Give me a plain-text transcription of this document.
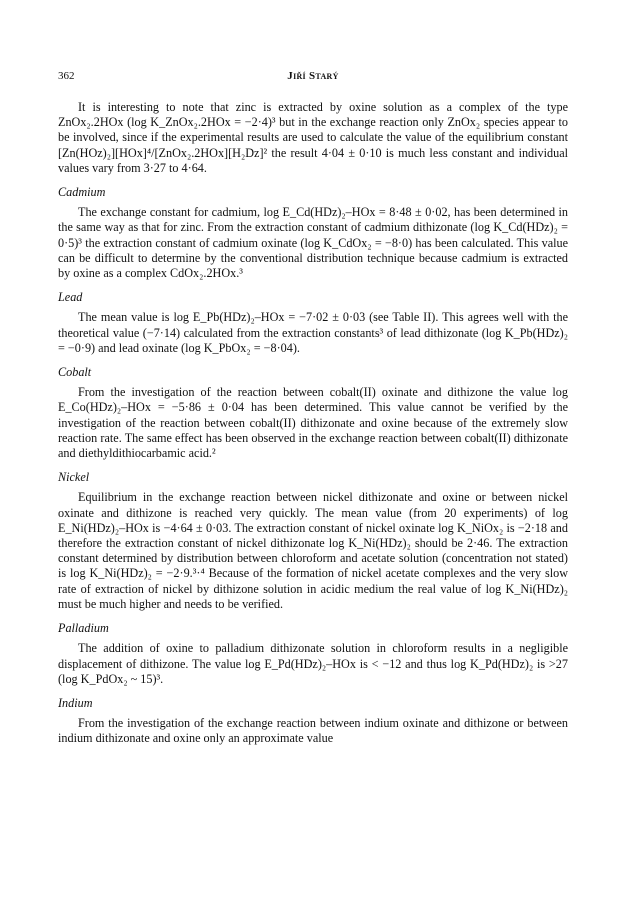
362	Jiří Starý

It is interesting to note that zinc is extracted by oxine solution as a complex of the type ZnOx₂.2HOx (log K_ZnOx₂.2HOx = −2·4)³ but in the exchange reaction only ZnOx₂ species appear to be involved, since if the experimental results are used to calculate the value of the equilibrium constant [Zn(HOz)₂][HOx]⁴/[ZnOx₂.2HOx][H₂Dz]² the result 4·04 ± 0·10 is much less constant and individual values vary from 3·27 to 4·64.

Cadmium

The exchange constant for cadmium, log E_Cd(HDz)₂–HOx = 8·48 ± 0·02, has been determined in the same way as that for zinc. From the extraction constant of cadmium dithizonate (log K_Cd(HDz)₂ = 0·5)³ the extraction constant of cadmium oxinate (log K_CdOx₂ = −8·0) has been calculated. This value can be difficult to determine by the conventional distribution technique because cadmium is extracted by oxine as a complex CdOx₂.2HOx.³

Lead

The mean value is log E_Pb(HDz)₂–HOx = −7·02 ± 0·03 (see Table II). This agrees well with the theoretical value (−7·14) calculated from the extraction constants³ of lead dithizonate (log K_Pb(HDz)₂ = −0·9) and lead oxinate (log K_PbOx₂ = −8·04).

Cobalt

From the investigation of the reaction between cobalt(II) oxinate and dithizone the value log E_Co(HDz)₂–HOx = −5·86 ± 0·04 has been determined. This value cannot be verified by the investigation of the reaction between cobalt(II) dithizonate and oxine because of the extremely slow reaction rate. The same effect has been observed in the exchange reaction between cobalt(II) dithizonate and diethyldithiocarbamic acid.²

Nickel

Equilibrium in the exchange reaction between nickel dithizonate and oxine or between nickel oxinate and dithizone is reached very quickly. The mean value (from 20 experiments) of log E_Ni(HDz)₂–HOx is −4·64 ± 0·03. The extraction constant of nickel oxinate log K_NiOx₂ is −2·18 and therefore the extraction constant of nickel dithizonate log K_Ni(HDz)₂ should be 2·46. The extraction constant determined by distribution between chloroform and acetate solution (concentration not stated) is log K_Ni(HDz)₂ = −2·9.³·⁴ Because of the formation of nickel acetate complexes and the very slow rate of extraction of nickel by dithizone solution in acidic medium the real value of log K_Ni(HDz)₂ must be much higher and needs to be verified.

Palladium

The addition of oxine to palladium dithizonate solution in chloroform results in a negligible displacement of dithizone. The value log E_Pd(HDz)₂–HOx is < −12 and thus log K_Pd(HDz)₂ is >27 (log K_PdOx₂ ~ 15)³.

Indium

From the investigation of the exchange reaction between indium oxinate and dithizone or between indium dithizonate and oxine only an approximate value
